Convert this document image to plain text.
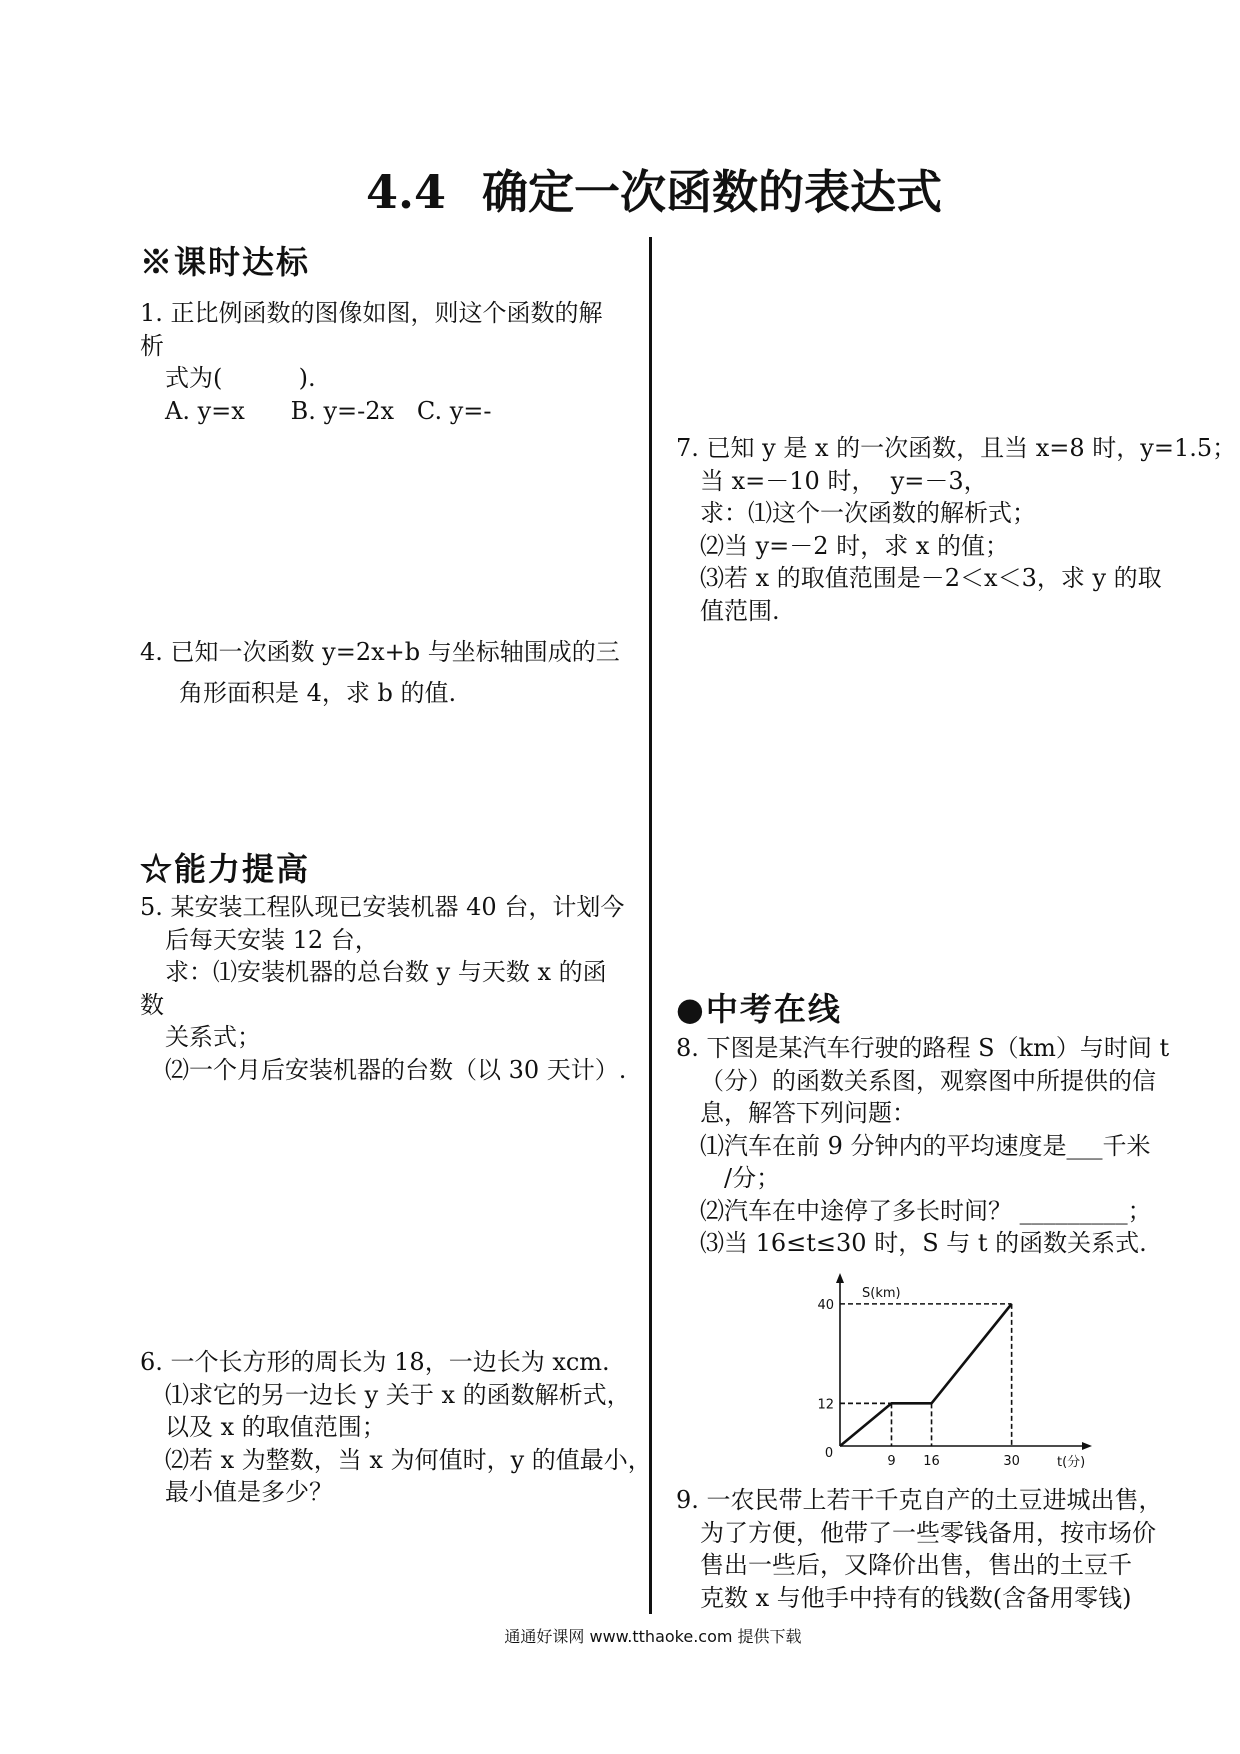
4.4 确定一次函数的表达式
※课时达标
1. 正比例函数的图像如图，则这个函数的解
析
式为(          ).
A. y=x      B. y=-2x   C. y=-
4. 已知一次函数 y=2x+b 与坐标轴围成的三
角形面积是 4，求 b 的值.
☆能力提高
5. 某安装工程队现已安装机器 40 台，计划今
后每天安装 12 台，
求：⑴安装机器的总台数 y 与天数 x 的函
数
关系式；
⑵一个月后安装机器的台数（以 30 天计）.
6. 一个长方形的周长为 18，一边长为 xcm.
⑴求它的另一边长 y 关于 x 的函数解析式，
以及 x 的取值范围；
⑵若 x 为整数，当 x 为何值时，y 的值最小，
最小值是多少？
7. 已知 y 是 x 的一次函数，且当 x=8 时，y=1.5；
当 x=－10 时，  y=－3，
求：⑴这个一次函数的解析式；
⑵当 y=－2 时，求 x 的值；
⑶若 x 的取值范围是－2＜x＜3，求 y 的取
值范围.
●中考在线
8. 下图是某汽车行驶的路程 S（km）与时间 t
（分）的函数关系图，观察图中所提供的信
息，解答下列问题：
⑴汽车在前 9 分钟内的平均速度是___千米
/分；
⑵汽车在中途停了多长时间？ _________；
⑶当 16≤t≤30 时，S 与 t 的函数关系式.
S(km)
t(分)
9 16	30
12
40
0
9. 一农民带上若干千克自产的土豆进城出售，
为了方便，他带了一些零钱备用，按市场价
售出一些后，又降价出售，售出的土豆千
克数 x 与他手中持有的钱数(含备用零钱)
通通好课网 www.tthaoke.com 提供下载
